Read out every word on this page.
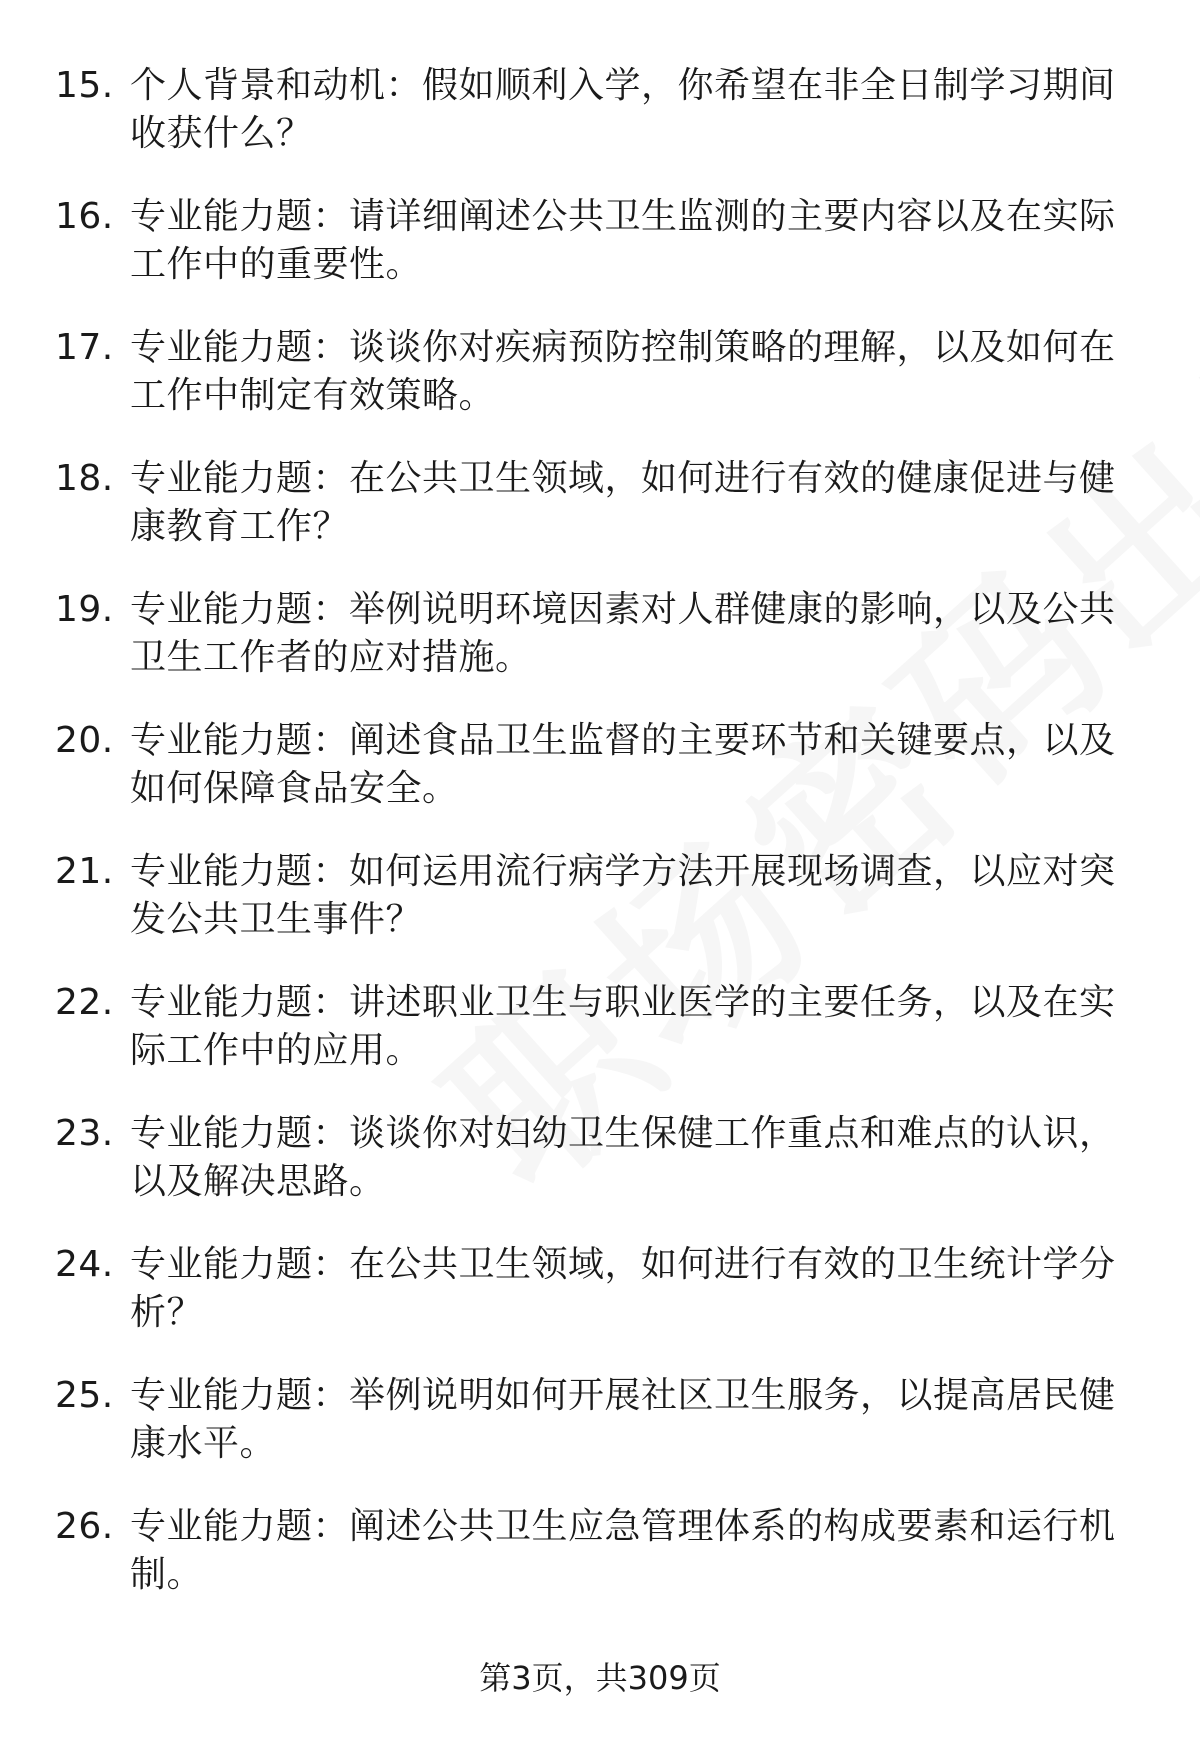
15. 个人背景和动机：假如顺利入学，你希望在非全日制学习期间收获什么？
16. 专业能力题：请详细阐述公共卫生监测的主要内容以及在实际工作中的重要性。
17. 专业能力题：谈谈你对疾病预防控制策略的理解，以及如何在工作中制定有效策略。
18. 专业能力题：在公共卫生领域，如何进行有效的健康促进与健康教育工作？
19. 专业能力题：举例说明环境因素对人群健康的影响，以及公共卫生工作者的应对措施。
20. 专业能力题：阐述食品卫生监督的主要环节和关键要点，以及如何保障食品安全。
21. 专业能力题：如何运用流行病学方法开展现场调查，以应对突发公共卫生事件？
22. 专业能力题：讲述职业卫生与职业医学的主要任务，以及在实际工作中的应用。
23. 专业能力题：谈谈你对妇幼卫生保健工作重点和难点的认识，以及解决思路。
24. 专业能力题：在公共卫生领域，如何进行有效的卫生统计学分析？
25. 专业能力题：举例说明如何开展社区卫生服务，以提高居民健康水平。
26. 专业能力题：阐述公共卫生应急管理体系的构成要素和运行机制。
第3页，共309页
